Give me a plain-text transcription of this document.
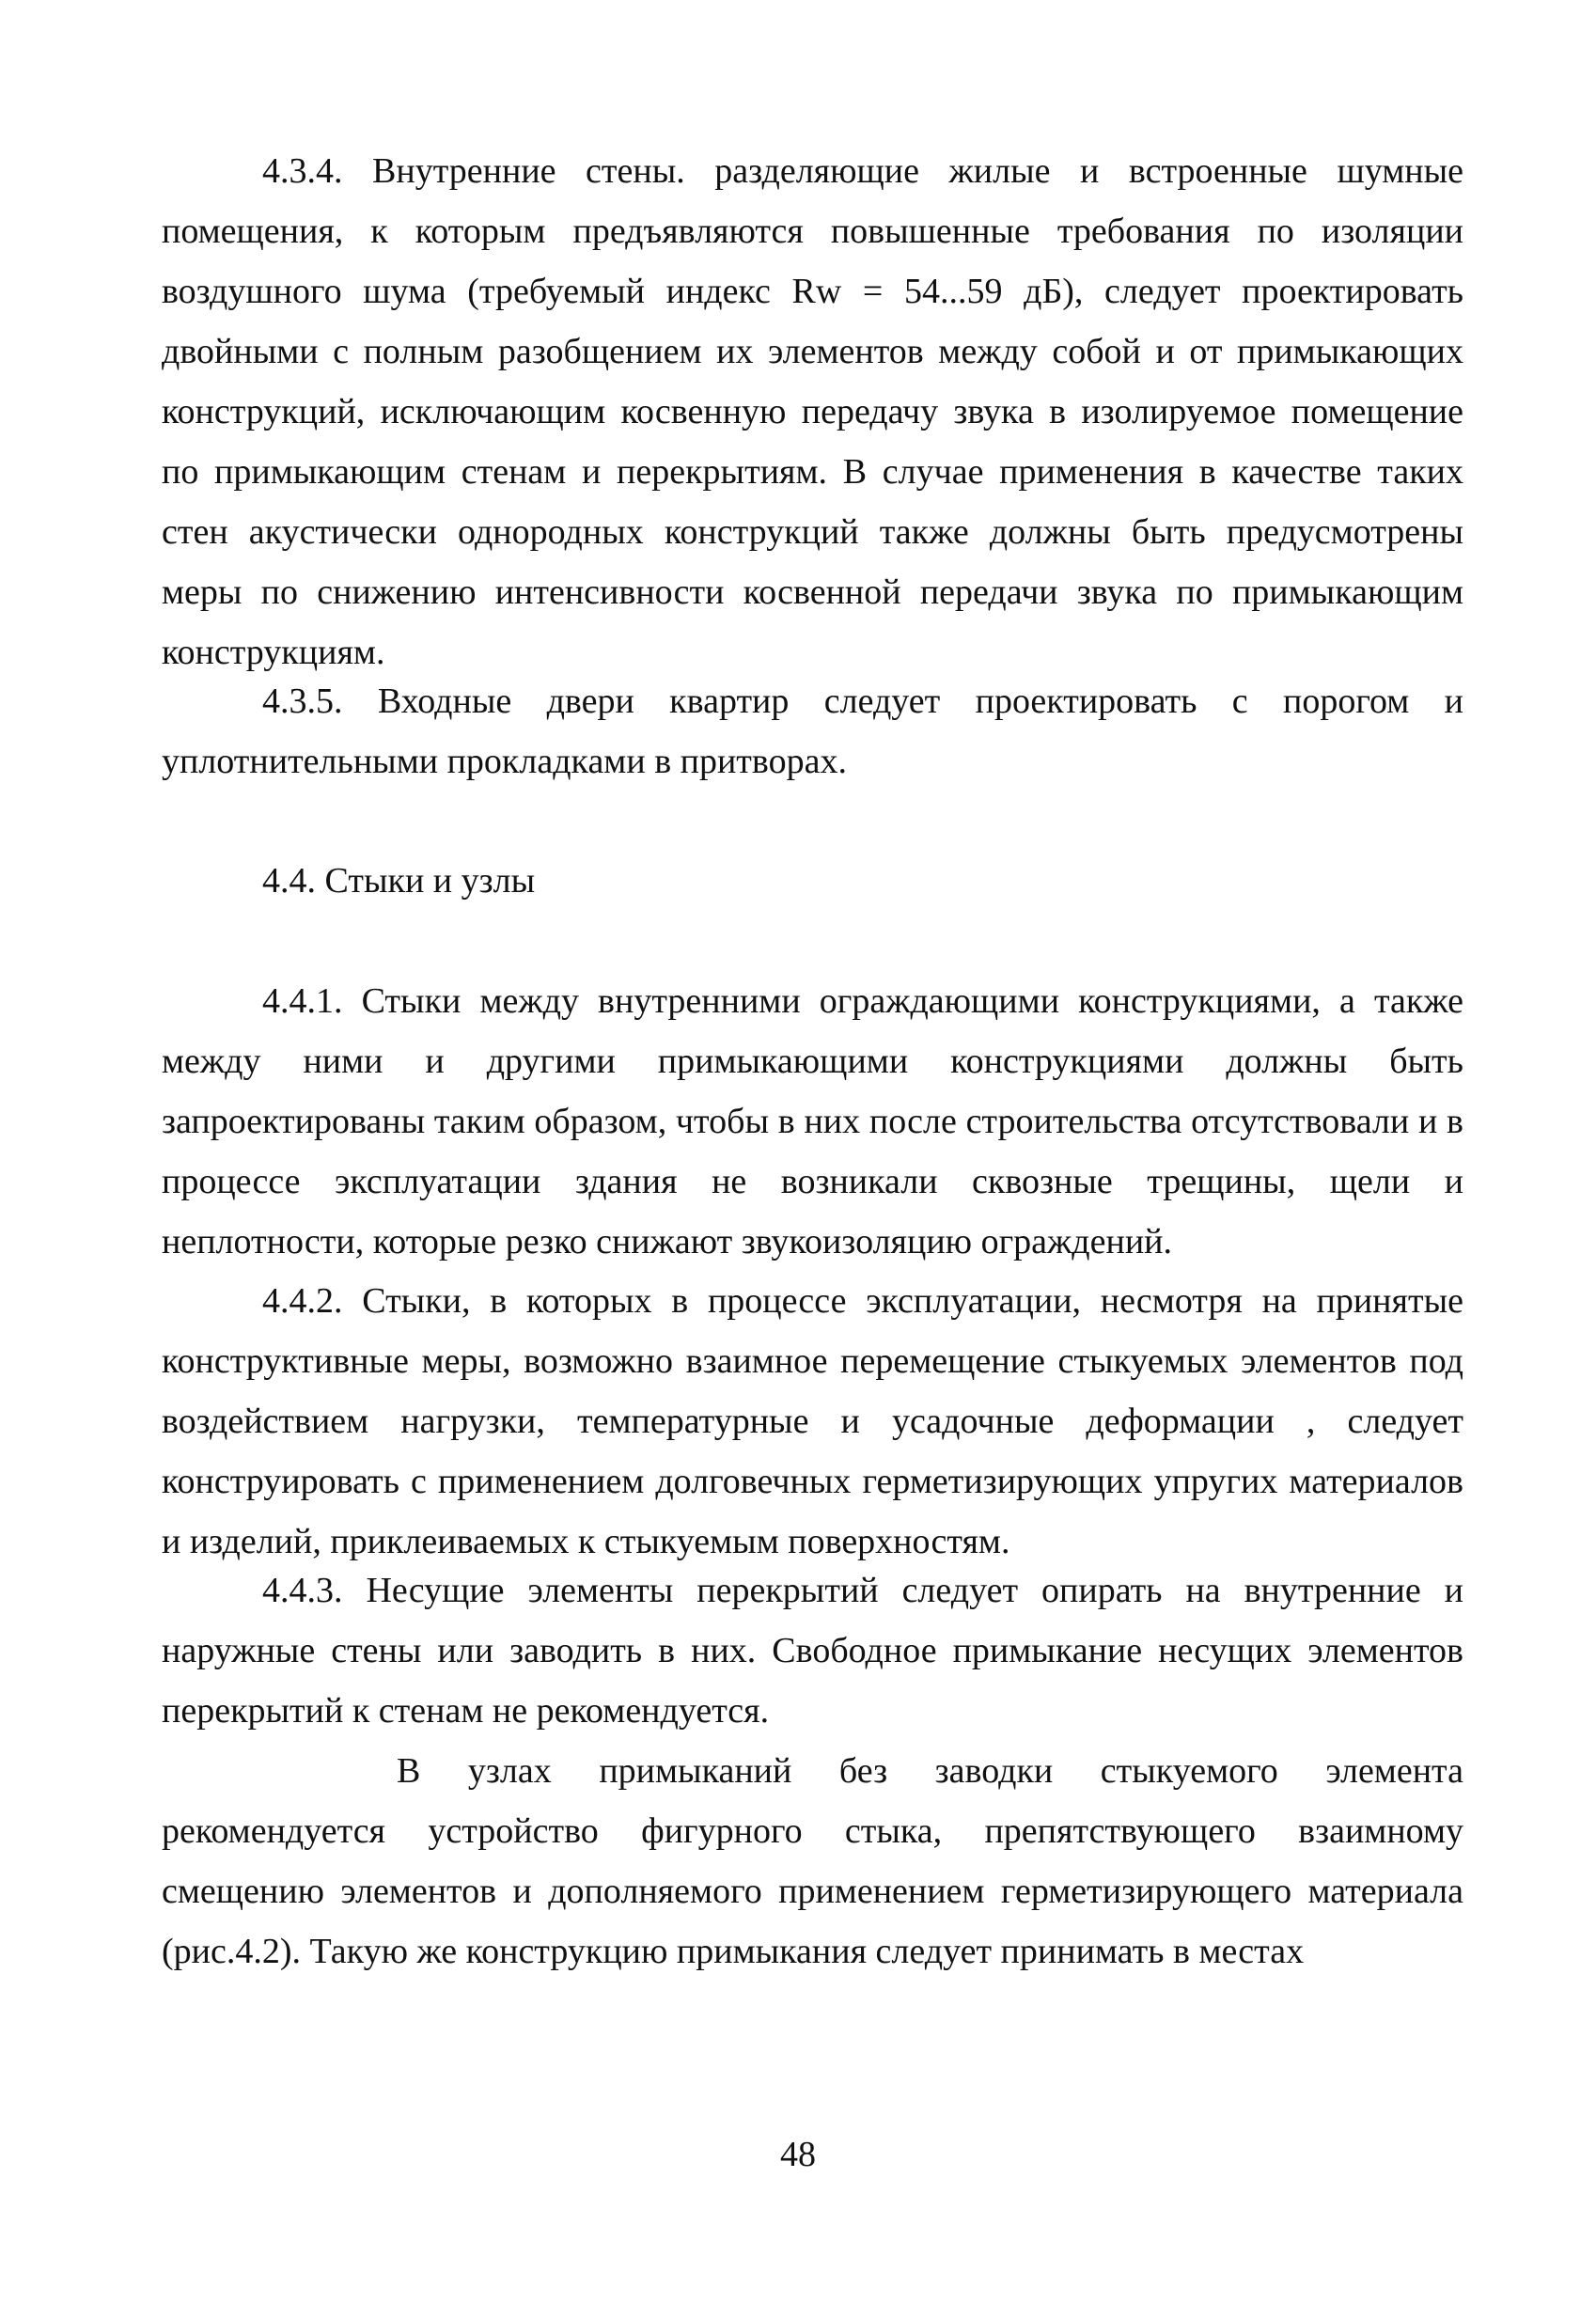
4.3.4. Внутренние стены. разделяющие жилые и встроенные шумные помещения, к которым предъявляются повышенные требования по изоляции воздушного шума (требуемый индекс Rw = 54...59 дБ), следует проектировать двойными с полным разобщением их элементов между собой и от примыкающих конструкций, исключающим косвенную передачу звука в изолируемое помещение по примыкающим стенам и перекрытиям. В случае применения в качестве таких стен акустически однородных конструкций также должны быть предусмотрены меры по снижению интенсивности косвенной передачи звука по примыкающим конструкциям.

4.3.5. Входные двери квартир следует проектировать с порогом и уплотнительными прокладками в притворах.

4.4. Стыки и узлы

4.4.1. Стыки между внутренними ограждающими конструкциями, а также между ними и другими примыкающими конструкциями должны быть запроектированы таким образом, чтобы в них после строительства отсутствовали и в процессе эксплуатации здания не возникали сквозные трещины, щели и неплотности, которые резко снижают звукоизоляцию ограждений.

4.4.2. Стыки, в которых в процессе эксплуатации, несмотря на принятые конструктивные меры, возможно взаимное перемещение стыкуемых элементов под воздействием нагрузки, температурные и усадочные деформации , следует конструировать с применением долговечных герметизирующих упругих материалов и изделий, приклеиваемых к стыкуемым поверхностям.

4.4.3. Несущие элементы перекрытий следует опирать на внутренние и наружные стены или заводить в них. Свободное примыкание несущих элементов перекрытий к стенам не рекомендуется.

В узлах примыканий без заводки стыкуемого элемента рекомендуется устройство фигурного стыка, препятствующего взаимному смещению элементов и дополняемого применением герметизирующего материала (рис.4.2). Такую же конструкцию примыкания следует принимать в местах

48
